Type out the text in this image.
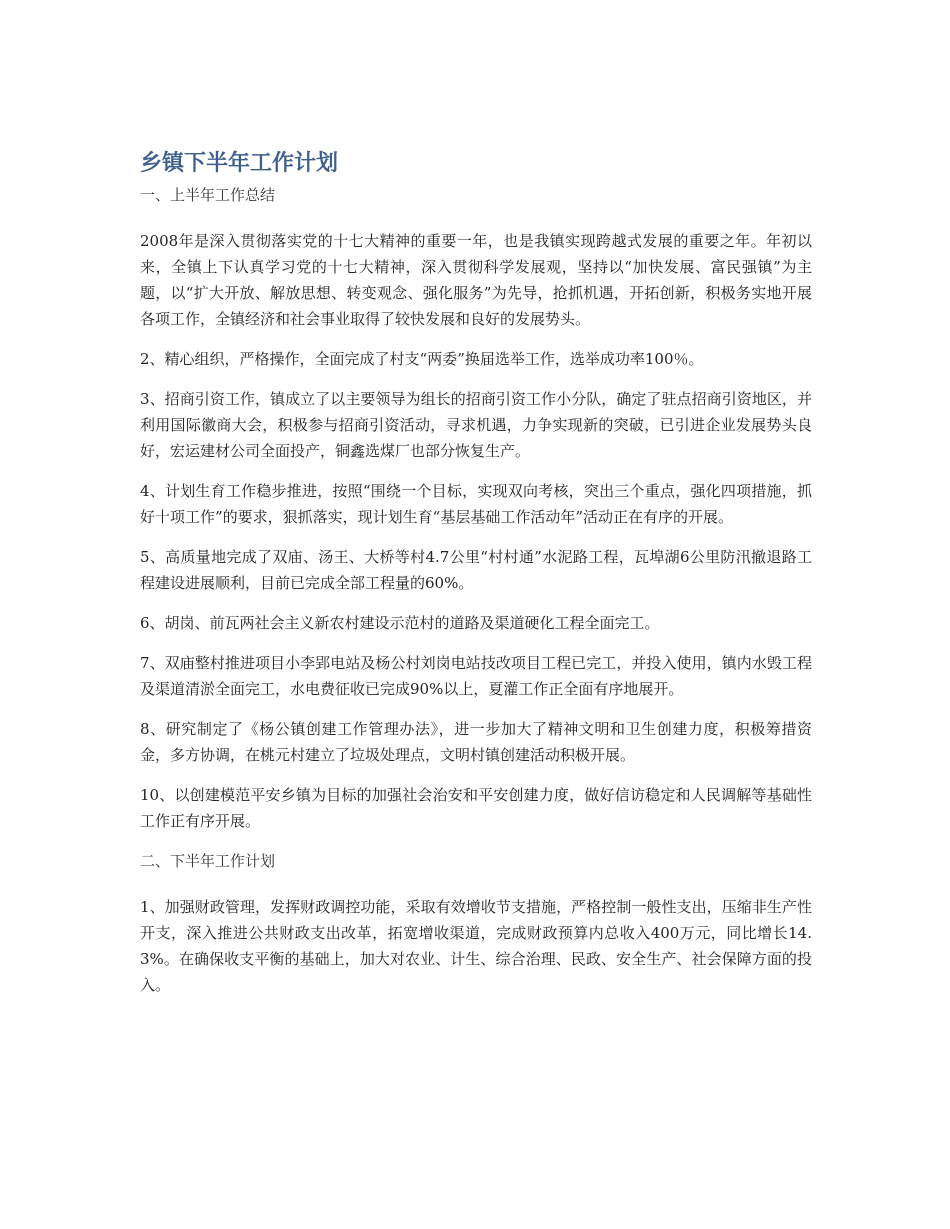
乡镇下半年工作计划
一、上半年工作总结

2008年是深入贯彻落实党的十七大精神的重要一年，也是我镇实现跨越式发展的重要之年。年初以来，全镇上下认真学习党的十七大精神，深入贯彻科学发展观，坚持以“加快发展、富民强镇”为主题，以“扩大开放、解放思想、转变观念、强化服务”为先导，抢抓机遇，开拓创新，积极务实地开展各项工作，全镇经济和社会事业取得了较快发展和良好的发展势头。

2、精心组织，严格操作，全面完成了村支“两委”换届选举工作，选举成功率100％。

3、招商引资工作，镇成立了以主要领导为组长的招商引资工作小分队，确定了驻点招商引资地区，并利用国际徽商大会，积极参与招商引资活动，寻求机遇，力争实现新的突破，已引进企业发展势头良好，宏运建材公司全面投产，铜鑫选煤厂也部分恢复生产。

4、计划生育工作稳步推进，按照“围绕一个目标，实现双向考核，突出三个重点，强化四项措施，抓好十项工作”的要求，狠抓落实，现计划生育“基层基础工作活动年”活动正在有序的开展。

5、高质量地完成了双庙、汤王、大桥等村4.7公里“村村通”水泥路工程，瓦埠湖6公里防汛撤退路工程建设进展顺利，目前已完成全部工程量的60%。

6、胡岗、前瓦两社会主义新农村建设示范村的道路及渠道硬化工程全面完工。

7、双庙整村推进项目小李郢电站及杨公村刘岗电站技改项目工程已完工，并投入使用，镇内水毁工程及渠道清淤全面完工，水电费征收已完成90%以上，夏灌工作正全面有序地展开。

8、研究制定了《杨公镇创建工作管理办法》，进一步加大了精神文明和卫生创建力度，积极筹措资金，多方协调，在桃元村建立了垃圾处理点，文明村镇创建活动积极开展。

10、以创建模范平安乡镇为目标的加强社会治安和平安创建力度，做好信访稳定和人民调解等基础性工作正有序开展。

二、下半年工作计划

1、加强财政管理，发挥财政调控功能，采取有效增收节支措施，严格控制一般性支出，压缩非生产性开支，深入推进公共财政支出改革，拓宽增收渠道，完成财政预算内总收入400万元，同比增长14.3%。在确保收支平衡的基础上，加大对农业、计生、综合治理、民政、安全生产、社会保障方面的投入。
